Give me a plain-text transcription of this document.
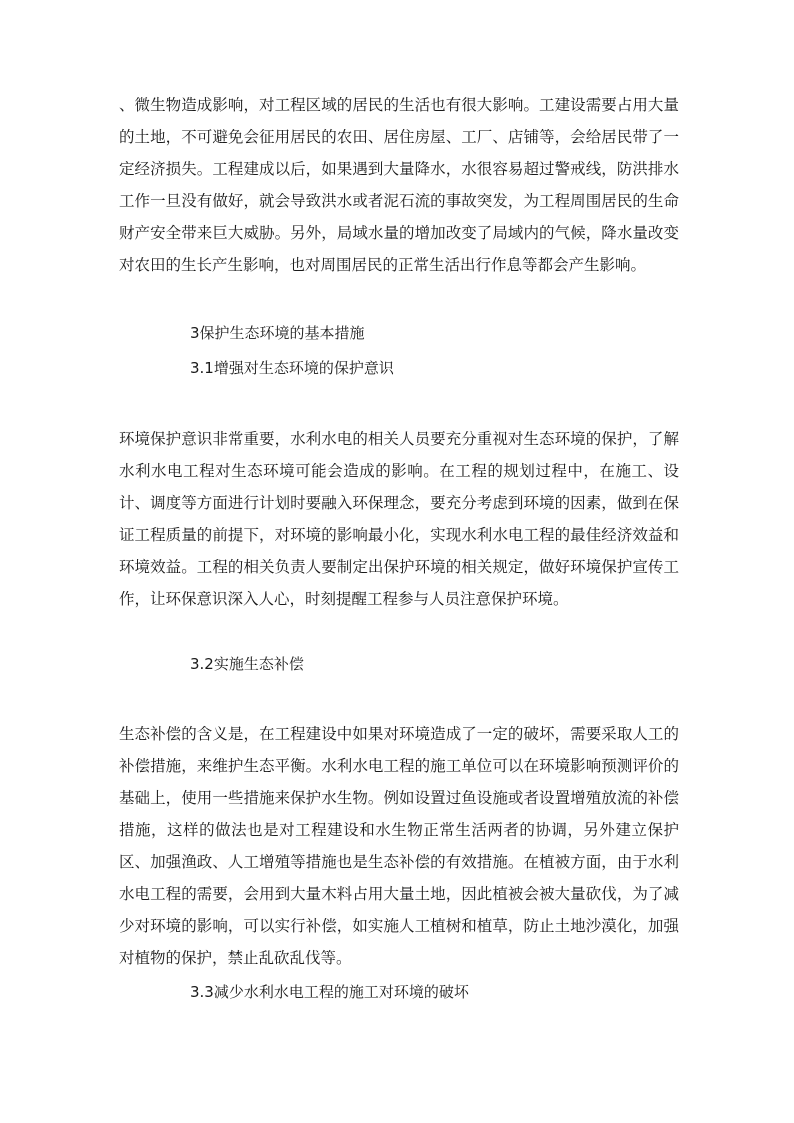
、微生物造成影响，对工程区域的居民的生活也有很大影响。工建设需要占用大量的土地，不可避免会征用居民的农田、居住房屋、工厂、店铺等，会给居民带了一定经济损失。工程建成以后，如果遇到大量降水，水很容易超过警戒线，防洪排水工作一旦没有做好，就会导致洪水或者泥石流的事故突发，为工程周围居民的生命财产安全带来巨大威胁。另外，局域水量的增加改变了局域内的气候，降水量改变对农田的生长产生影响，也对周围居民的正常生活出行作息等都会产生影响。

3保护生态环境的基本措施

3.1增强对生态环境的保护意识

环境保护意识非常重要，水利水电的相关人员要充分重视对生态环境的保护，了解水利水电工程对生态环境可能会造成的影响。在工程的规划过程中，在施工、设计、调度等方面进行计划时要融入环保理念，要充分考虑到环境的因素，做到在保证工程质量的前提下，对环境的影响最小化，实现水利水电工程的最佳经济效益和环境效益。工程的相关负责人要制定出保护环境的相关规定，做好环境保护宣传工作，让环保意识深入人心，时刻提醒工程参与人员注意保护环境。

3.2实施生态补偿

生态补偿的含义是，在工程建设中如果对环境造成了一定的破坏，需要采取人工的补偿措施，来维护生态平衡。水利水电工程的施工单位可以在环境影响预测评价的基础上，使用一些措施来保护水生物。例如设置过鱼设施或者设置增殖放流的补偿措施，这样的做法也是对工程建设和水生物正常生活两者的协调，另外建立保护区、加强渔政、人工增殖等措施也是生态补偿的有效措施。在植被方面，由于水利水电工程的需要，会用到大量木料占用大量土地，因此植被会被大量砍伐，为了减少对环境的影响，可以实行补偿，如实施人工植树和植草，防止土地沙漠化，加强对植物的保护，禁止乱砍乱伐等。

3.3减少水利水电工程的施工对环境的破坏
